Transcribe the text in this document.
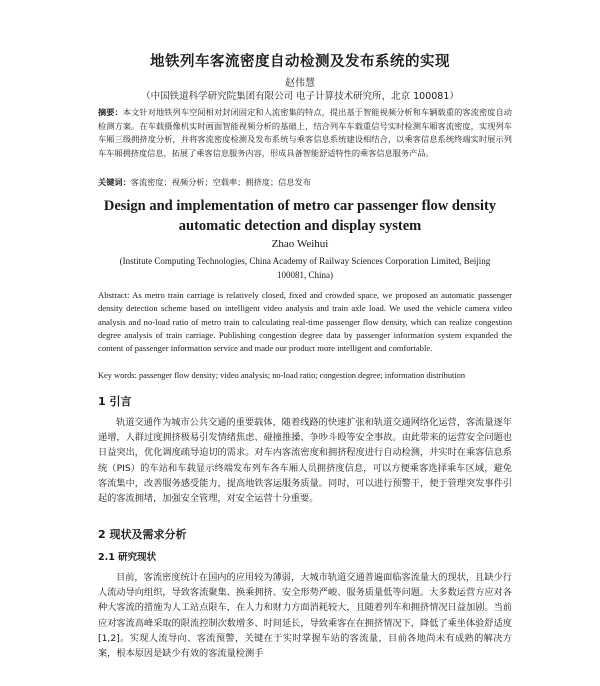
地铁列车客流密度自动检测及发布系统的实现
赵伟慧
（中国铁道科学研究院集团有限公司 电子计算技术研究所，北京 100081）
摘要：本文针对地铁列车空间相对封闭固定和人流密集的特点，提出基于智能视频分析和车辆载重的客流密度自动检测方案。在车载摄像机实时画面智能视频分析的基础上，结合列车车载重信号实时检测车厢客流密度，实现列车车厢三级拥挤度分析，并将客流密度检测及发布系统与乘客信息系统建设相结合，以乘客信息系统终端实时展示列车车厢拥挤度信息，拓展了乘客信息服务内容，形成具备智能舒适特性的乘客信息服务产品。
关键词：客流密度；视频分析；空载率；拥挤度；信息发布
Design and implementation of metro car passenger flow density automatic detection and display system
Zhao Weihui
(Institute Computing Technologies, China Academy of Railway Sciences Corporation Limited, Beijing 100081, China)
Abstract: As metro train carriage is relatively closed, fixed and crowded space, we proposed an automatic passenger density detection scheme based on intelligent video analysis and train axle load. We used the vehicle camera video analysis and no-load ratio of metro train to calculating real-time passenger flow density, which can realize congestion degree analysis of train carriage. Publishing congestion degree data by passenger information system expanded the content of passenger information service and made our product more intelligent and comfortable.
Key words: passenger flow density; video analysis; no-load ratio; congestion degree; information distribution
1 引言
轨道交通作为城市公共交通的重要载体，随着线路的快速扩张和轨道交通网络化运营，客流量逐年递增，人群过度拥挤极易引发情绪焦虑、碰撞推搡、争吵斗殴等安全事故。由此带来的运营安全问题也日益突出，优化调度疏导迫切的需求。对车内客流密度和拥挤程度进行自动检测，并实时在乘客信息系统（PIS）的车站和车载显示终端发布列车各车厢人员拥挤度信息，可以方便乘客选择乘车区域，避免客流集中，改善服务感受能力，提高地铁客运服务质量。同时，可以进行预警干，便于管理突发事件引起的客流拥堵，加强安全管理，对安全运营十分重要。
2 现状及需求分析
2.1 研究现状
目前，客流密度统计在国内的应用较为薄弱，大城市轨道交通普遍面临客流量大的现状，且缺少行人流动导向组织，导致客流聚集、换乘拥挤、安全形势严峻、服务质量低等问题。大多数运营方应对各种大客流的措施为人工站点限车，在人力和财力方面消耗较大，且随着列车和拥挤情况日益加剧。当前应对客流高峰采取的限流控制次数增多、时间延长，导致乘客在在拥挤情况下，降低了乘坐体验舒适度[1,2]。实现人流导向、客流预警，关键在于实时掌握车站的客流量，目前各地尚未有成熟的解决方案，根本原因是缺少有效的客流量检测手
